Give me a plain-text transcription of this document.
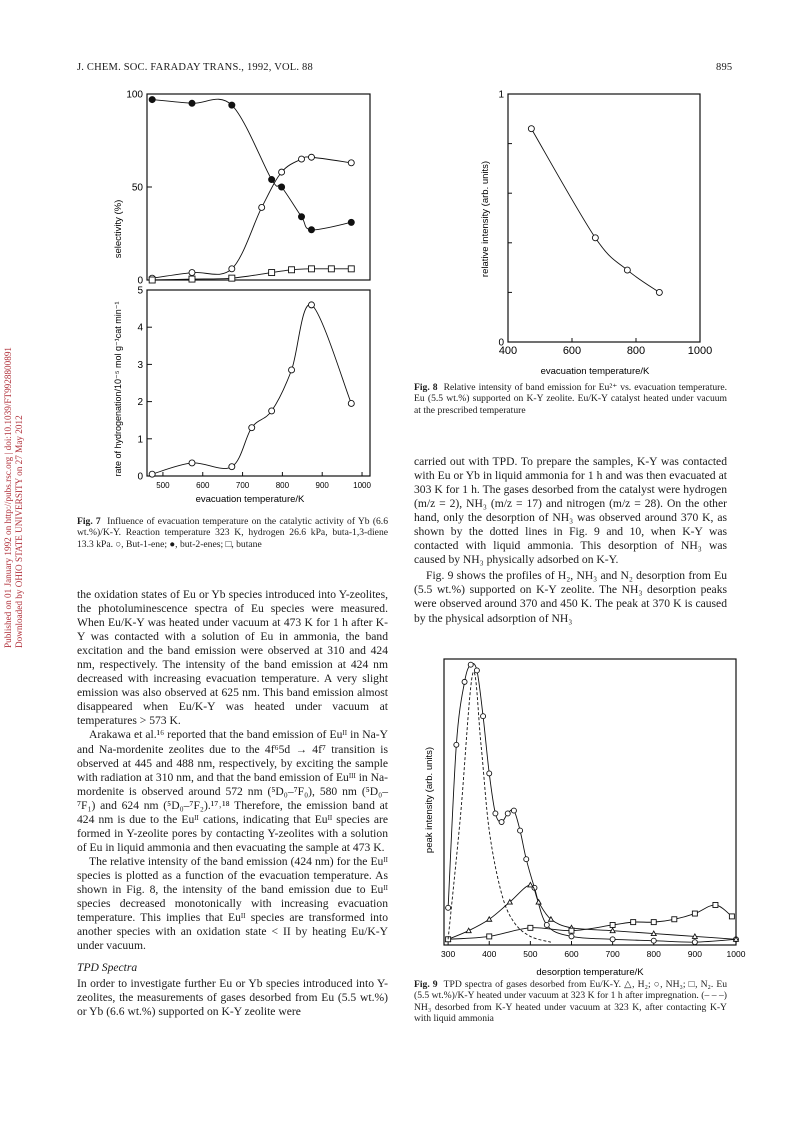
J. CHEM. SOC. FARADAY TRANS., 1992, VOL. 88	895
Published on 01 January 1992 on http://pubs.rsc.org | doi:10.1039/FT9928800891 Downloaded by OHIO STATE UNIVERSITY on 27 May 2012
selectivity (%)
rate of hydrogenation/10⁻⁵ mol g⁻¹cat min⁻¹
evacuation temperature/K
0
50
100
0
1
2
3
4
5
500	600	700	800	900	1000
Fig. 7 Influence of evacuation temperature on the catalytic activity of Yb (6.6 wt.%)/K-Y. Reaction temperature 323 K, hydrogen 26.6 kPa, buta-1,3-diene 13.3 kPa. ○, But-1-ene; ●, but-2-enes; □, butane
relative intensity (arb. units)
evacuation temperature/K
0
1
400	600	800	1000
Fig. 8 Relative intensity of band emission for Eu²⁺ vs. evacuation temperature. Eu (5.5 wt.%) supported on K-Y zeolite. Eu/K-Y catalyst heated under vacuum at the prescribed temperature

carried out with TPD. To prepare the samples, K-Y was contacted with Eu or Yb in liquid ammonia for 1 h and was then evacuated at 303 K for 1 h. The gases desorbed from the catalyst were hydrogen (m/z = 2), NH₃ (m/z = 17) and nitrogen (m/z = 28). On the other hand, only the desorption of NH₃ was observed around 370 K, as shown by the dotted lines in Fig. 9 and 10, when K-Y was contacted with liquid ammonia. This desorption of NH₃ was caused by NH₃ physically adsorbed on K-Y.

Fig. 9 shows the profiles of H₂, NH₃ and N₂ desorption from Eu (5.5 wt.%) supported on K-Y zeolite. The NH₃ desorption peaks were observed around 370 and 450 K. The peak at 370 K is caused by the physical adsorption of NH₃

peak intensity (arb. units)
desorption temperature/K
300	400	500	600	700	800	900	1000
Fig. 9 TPD spectra of gases desorbed from Eu/K-Y. △, H₂; ○, NH₃; □, N₂. Eu (5.5 wt.%)/K-Y heated under vacuum at 323 K for 1 h after impregnation. (– – –) NH₃ desorbed from K-Y heated under vacuum at 323 K, after contacting K-Y with liquid ammonia

the oxidation states of Eu or Yb species introduced into Y-zeolites, the photoluminescence spectra of Eu species were measured. When Eu/K-Y was heated under vacuum at 473 K for 1 h after K-Y was contacted with a solution of Eu in ammonia, the band excitation and the band emission were observed at 310 and 424 nm, respectively. The intensity of the band emission at 424 nm decreased with increasing evacuation temperature. A very slight emission was also observed at 625 nm. This band emission almost disappeared when Eu/K-Y was heated under vacuum at temperatures > 573 K.

Arakawa et al.¹⁶ reported that the band emission of Euᴵᴵ in Na-Y and Na-mordenite zeolites due to the 4f⁶5d → 4f⁷ transition is observed at 445 and 488 nm, respectively, by exciting the sample with radiation at 310 nm, and that the band emission of Euᴵᴵᴵ in Na-mordenite is observed around 572 nm (⁵D₀–⁷F₀), 580 nm (⁵D₀–⁷F₁) and 624 nm (⁵D₀–⁷F₂).¹⁷˒¹⁸ Therefore, the emission band at 424 nm is due to the Euᴵᴵ cations, indicating that Euᴵᴵ species are formed in Y-zeolite pores by contacting Y-zeolites with a solution of Eu in liquid ammonia and then evacuating the sample at 473 K.

The relative intensity of the band emission (424 nm) for the Euᴵᴵ species is plotted as a function of the evacuation temperature. As shown in Fig. 8, the intensity of the band emission due to Euᴵᴵ species decreased monotonically with increasing evacuation temperature. This implies that Euᴵᴵ species are transformed into another species with an oxidation state < II by heating Eu/K-Y under vacuum.

TPD Spectra

In order to investigate further Eu or Yb species introduced into Y-zeolites, the measurements of gases desorbed from Eu (5.5 wt.%) or Yb (6.6 wt.%) supported on K-Y zeolite were
